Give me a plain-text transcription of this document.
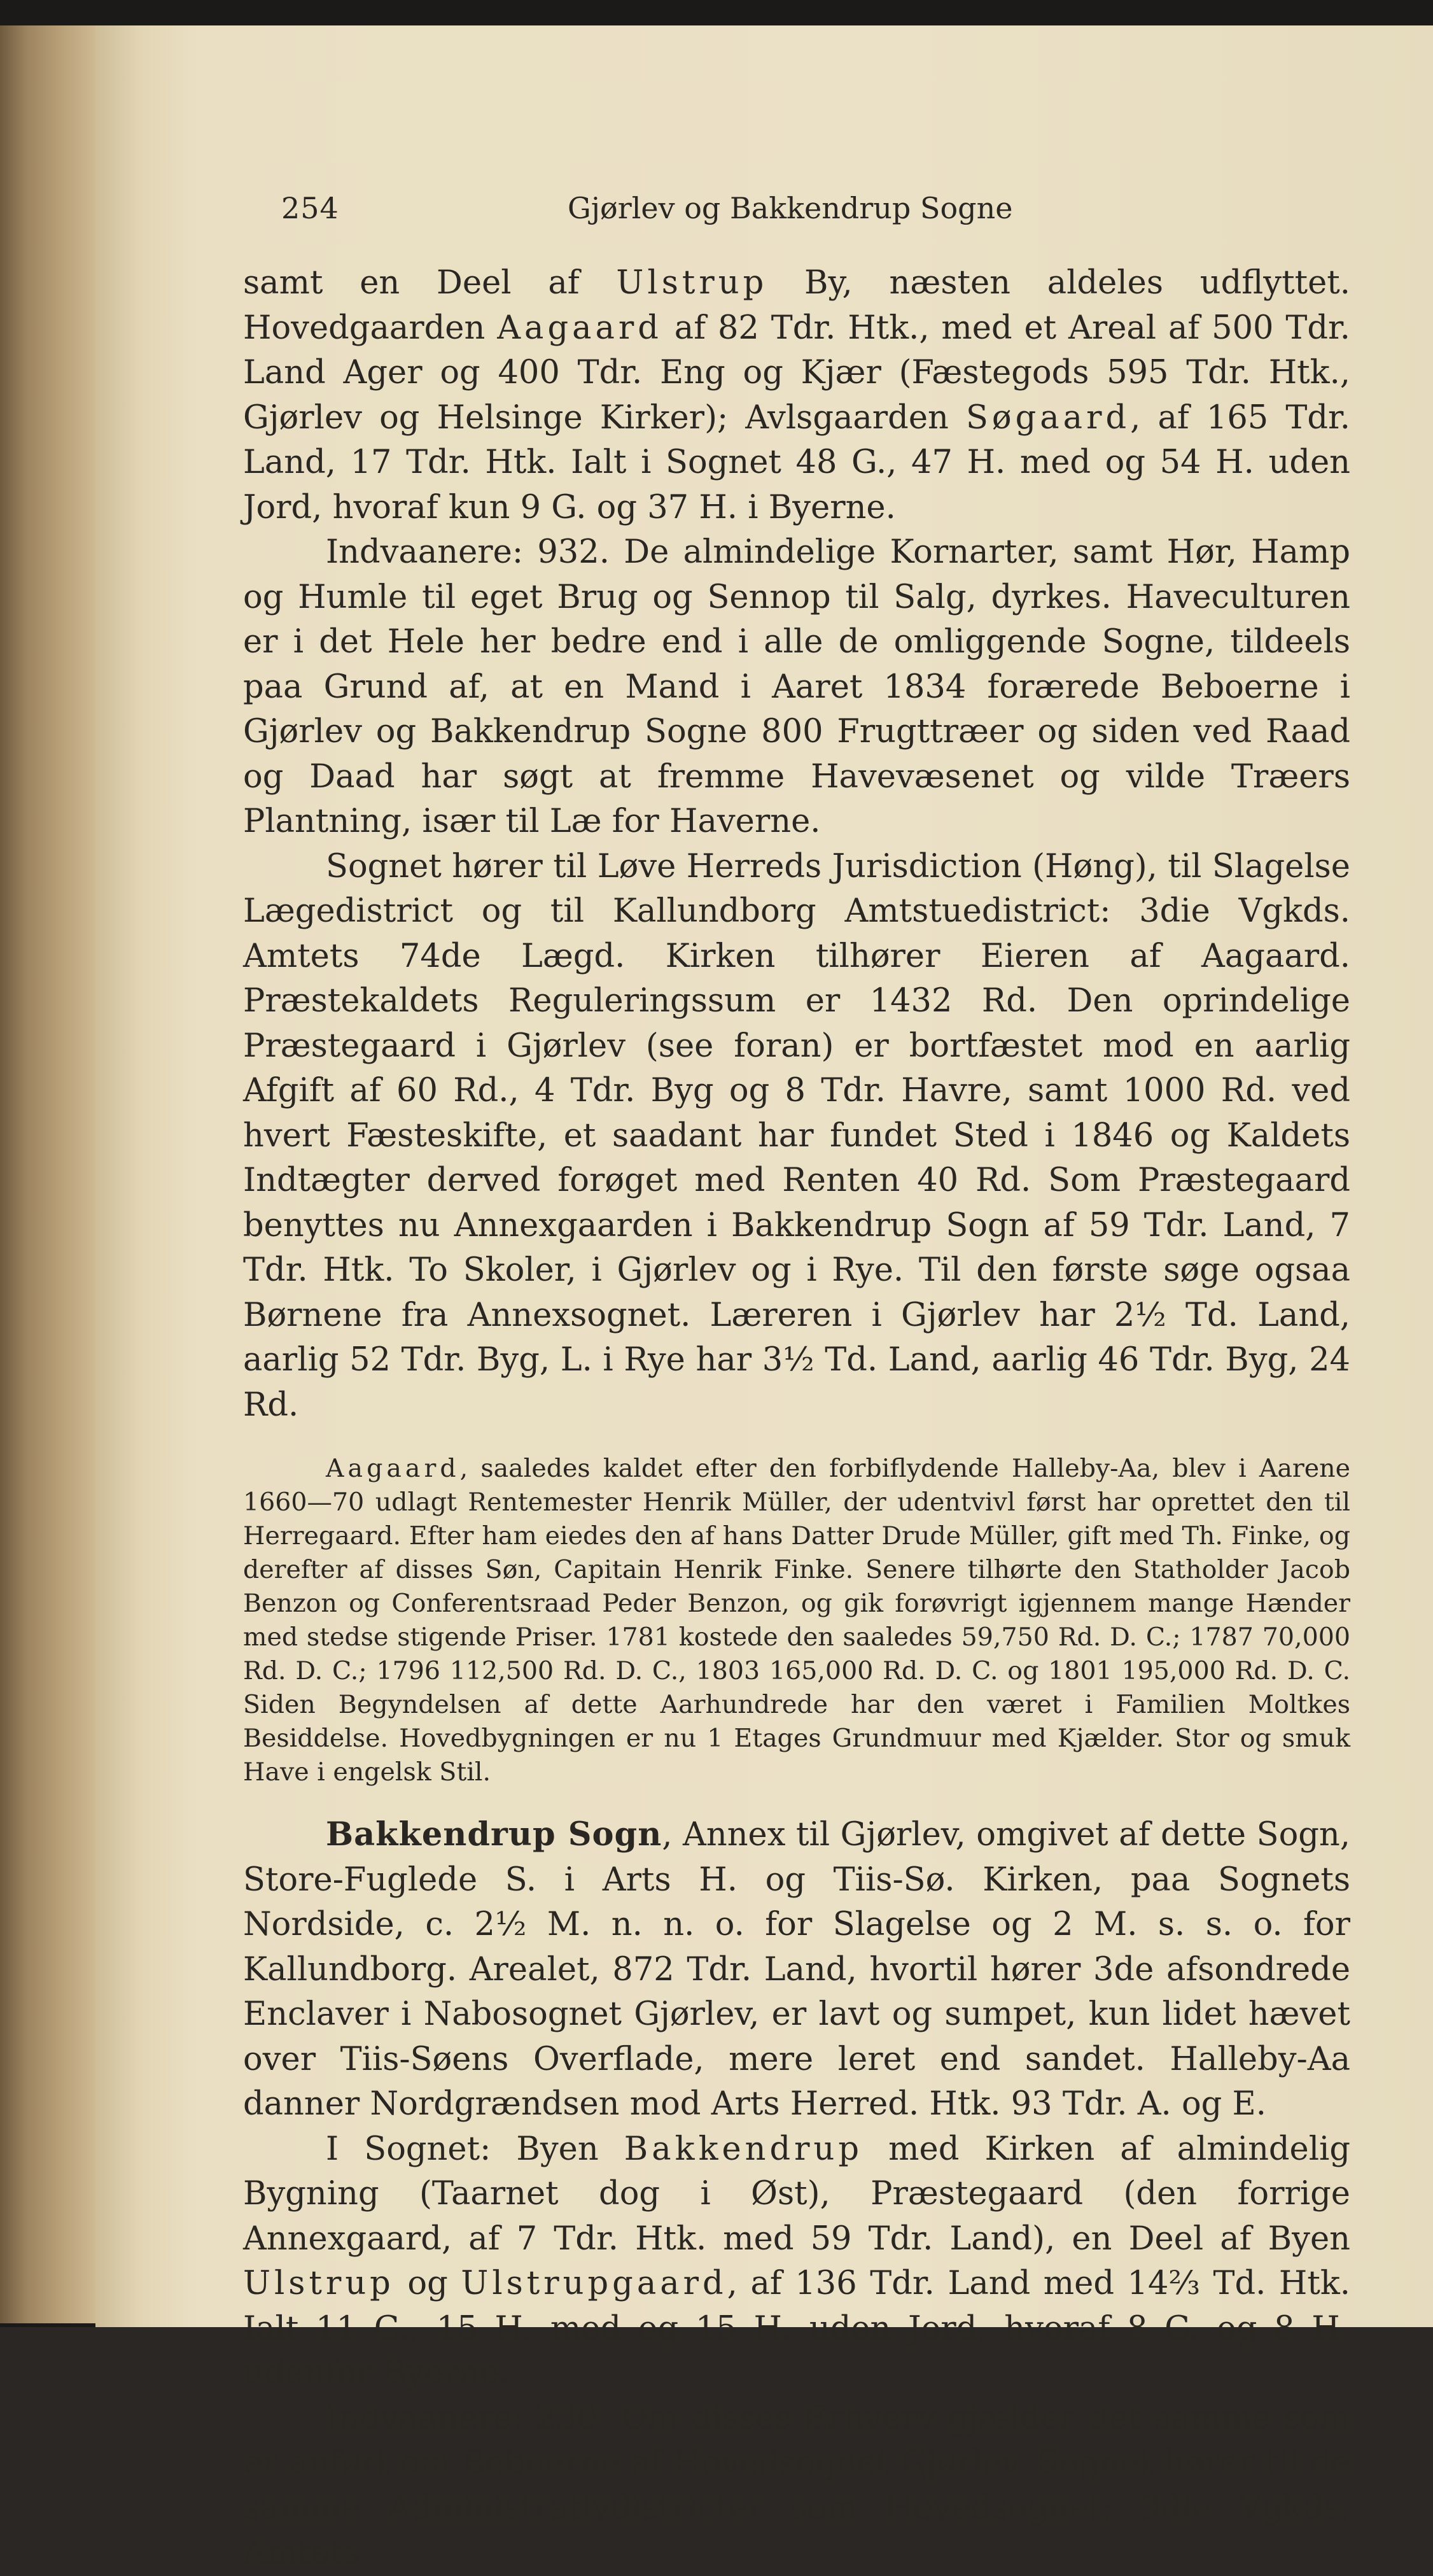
254	Gjørlev og Bakkendrup Sogne

samt en Deel af Ulstrup By, næsten aldeles udflyttet. Hovedgaarden Aagaard af 82 Tdr. Htk., med et Areal af 500 Tdr. Land Ager og 400 Tdr. Eng og Kjær (Fæstegods 595 Tdr. Htk., Gjørlev og Helsinge Kirker); Avlsgaarden Søgaard, af 165 Tdr. Land, 17 Tdr. Htk. Ialt i Sognet 48 G., 47 H. med og 54 H. uden Jord, hvoraf kun 9 G. og 37 H. i Byerne.

Indvaanere: 932. De almindelige Kornarter, samt Hør, Hamp og Humle til eget Brug og Sennop til Salg, dyrkes. Haveculturen er i det Hele her bedre end i alle de omliggende Sogne, tildeels paa Grund af, at en Mand i Aaret 1834 forærede Beboerne i Gjørlev og Bakkendrup Sogne 800 Frugttræer og siden ved Raad og Daad har søgt at fremme Havevæsenet og vilde Træers Plantning, især til Læ for Haverne.

Sognet hører til Løve Herreds Jurisdiction (Høng), til Slagelse Lægedistrict og til Kallundborg Amtstuedistrict: 3die Vgkds. Amtets 74de Lægd. Kirken tilhører Eieren af Aagaard. Præstekaldets Reguleringssum er 1432 Rd. Den oprindelige Præstegaard i Gjørlev (see foran) er bortfæstet mod en aarlig Afgift af 60 Rd., 4 Tdr. Byg og 8 Tdr. Havre, samt 1000 Rd. ved hvert Fæsteskifte, et saadant har fundet Sted i 1846 og Kaldets Indtægter derved forøget med Renten 40 Rd. Som Præstegaard benyttes nu Annexgaarden i Bakkendrup Sogn af 59 Tdr. Land, 7 Tdr. Htk. To Skoler, i Gjørlev og i Rye. Til den første søge ogsaa Børnene fra Annexsognet. Læreren i Gjørlev har 2½ Td. Land, aarlig 52 Tdr. Byg, L. i Rye har 3½ Td. Land, aarlig 46 Tdr. Byg, 24 Rd.

Aagaard, saaledes kaldet efter den forbiflydende Halleby-Aa, blev i Aarene 1660—70 udlagt Rentemester Henrik Müller, der udentvivl først har oprettet den til Herregaard. Efter ham eiedes den af hans Datter Drude Müller, gift med Th. Finke, og derefter af disses Søn, Capitain Henrik Finke. Senere tilhørte den Statholder Jacob Benzon og Conferentsraad Peder Benzon, og gik forøvrigt igjennem mange Hænder med stedse stigende Priser. 1781 kostede den saaledes 59,750 Rd. D. C.; 1787 70,000 Rd. D. C.; 1796 112,500 Rd. D. C., 1803 165,000 Rd. D. C. og 1801 195,000 Rd. D. C. Siden Begyndelsen af dette Aarhundrede har den været i Familien Moltkes Besiddelse. Hovedbygningen er nu 1 Etages Grundmuur med Kjælder. Stor og smuk Have i engelsk Stil.

Bakkendrup Sogn, Annex til Gjørlev, omgivet af dette Sogn, Store-Fuglede S. i Arts H. og Tiis-Sø. Kirken, paa Sognets Nordside, c. 2½ M. n. n. o. for Slagelse og 2 M. s. s. o. for Kallundborg. Arealet, 872 Tdr. Land, hvortil hører 3de afsondrede Enclaver i Nabosognet Gjørlev, er lavt og sumpet, kun lidet hævet over Tiis-Søens Overflade, mere leret end sandet. Halleby-Aa danner Nordgrændsen mod Arts Herred. Htk. 93 Tdr. A. og E.

I Sognet: Byen Bakkendrup med Kirken af almindelig Bygning (Taarnet dog i Øst), Præstegaard (den forrige Annexgaard, af 7 Tdr. Htk. med 59 Tdr. Land), en Deel af Byen Ulstrup og Ulstrupgaard, af 136 Tdr. Land med 14⅔ Td. Htk. Ialt 11 G., 15 H. med og 15 H. uden Jord, hvoraf 8 G. og 8 H. udenfor Byerne.

Indvaanere: 230. Om disses Erhverv gjælder det samme som er anført om Beboerne af Hovedsognet Gjørlev. Sognet hører til de samme Administrativdistricter som Hovedsognet; 3die Vgkds. Amtets
